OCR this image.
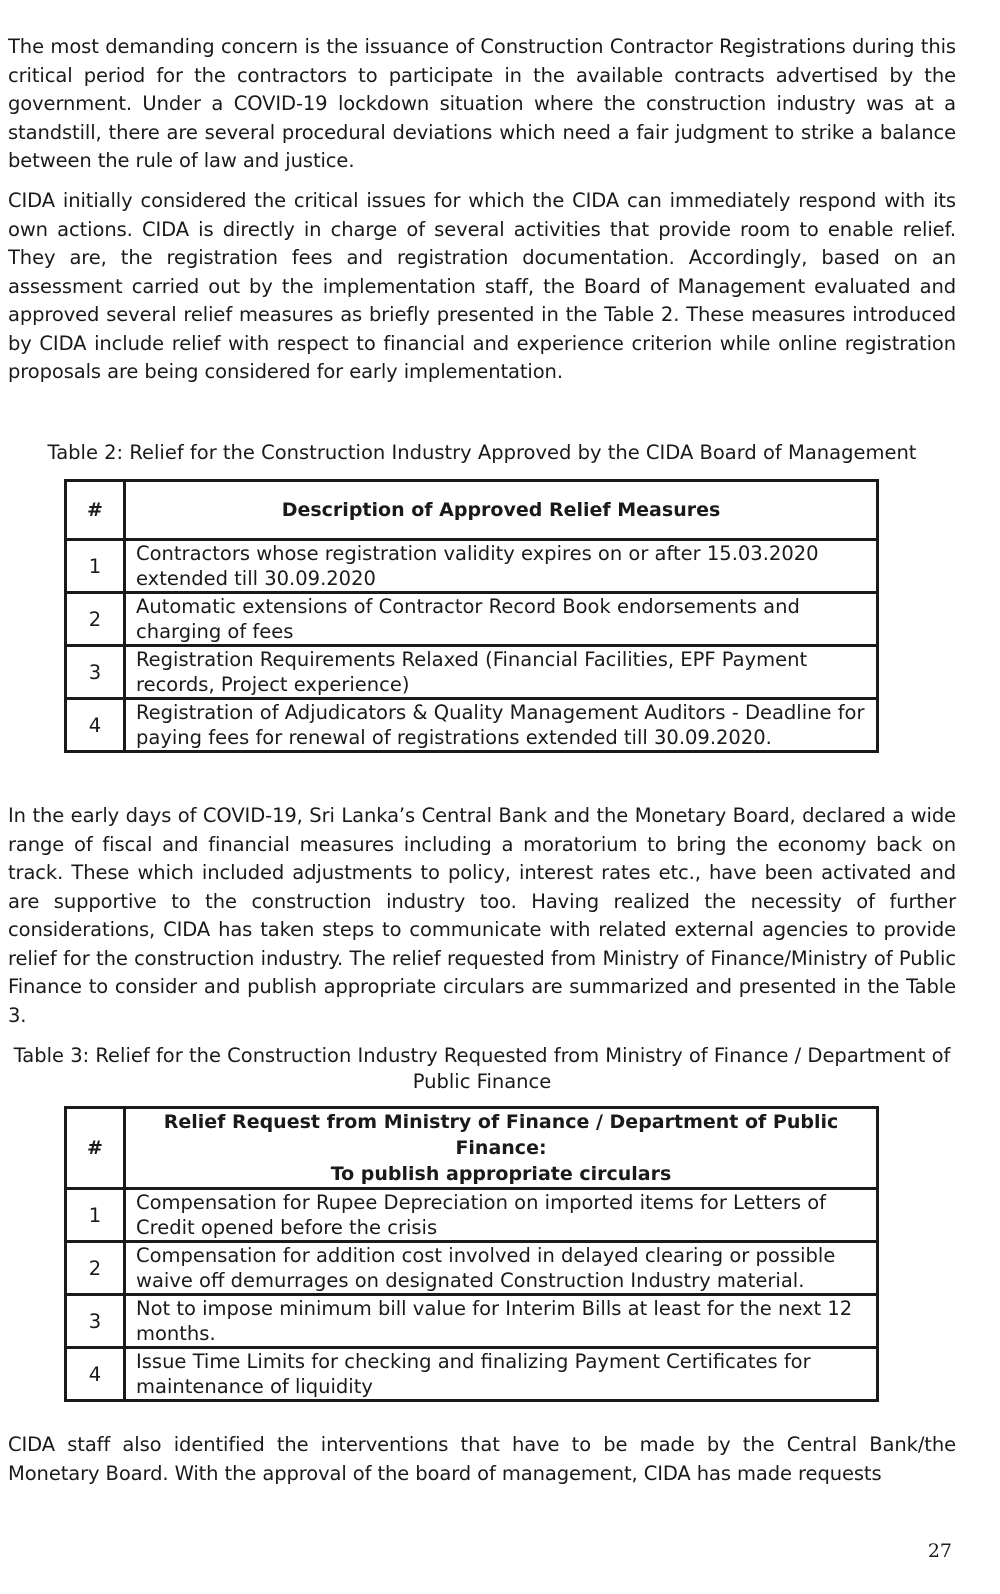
The most demanding concern is the issuance of Construction Contractor Registrations during this critical period for the contractors to participate in the available contracts advertised by the government. Under a COVID-19 lockdown situation where the construction industry was at a standstill, there are several procedural deviations which need a fair judgment to strike a balance between the rule of law and justice.

CIDA initially considered the critical issues for which the CIDA can immediately respond with its own actions. CIDA is directly in charge of several activities that provide room to enable relief. They are, the registration fees and registration documentation. Accordingly, based on an assessment carried out by the implementation staff, the Board of Management evaluated and approved several relief measures as briefly presented in the Table 2. These measures introduced by CIDA include relief with respect to financial and experience criterion while online registration proposals are being considered for early implementation.

Table 2: Relief for the Construction Industry Approved by the CIDA Board of Management

#	Description of Approved Relief Measures
1	Contractors whose registration validity expires on or after 15.03.2020 extended till 30.09.2020
2	Automatic extensions of Contractor Record Book endorsements and charging of fees
3	Registration Requirements Relaxed (Financial Facilities, EPF Payment records, Project experience)
4	Registration of Adjudicators & Quality Management Auditors - Deadline for paying fees for renewal of registrations extended till 30.09.2020.

In the early days of COVID-19, Sri Lanka’s Central Bank and the Monetary Board, declared a wide range of fiscal and financial measures including a moratorium to bring the economy back on track. These which included adjustments to policy, interest rates etc., have been activated and are supportive to the construction industry too. Having realized the necessity of further considerations, CIDA has taken steps to communicate with related external agencies to provide relief for the construction industry. The relief requested from Ministry of Finance/Ministry of Public Finance to consider and publish appropriate circulars are summarized and presented in the Table 3.

Table 3: Relief for the Construction Industry Requested from Ministry of Finance / Department of Public Finance

#	Relief Request from Ministry of Finance / Department of Public Finance:
To publish appropriate circulars
1	Compensation for Rupee Depreciation on imported items for Letters of Credit opened before the crisis
2	Compensation for addition cost involved in delayed clearing or possible waive off demurrages on designated Construction Industry material.
3	Not to impose minimum bill value for Interim Bills at least for the next 12 months.
4	Issue Time Limits for checking and finalizing Payment Certificates for maintenance of liquidity

CIDA staff also identified the interventions that have to be made by the Central Bank/the Monetary Board. With the approval of the board of management, CIDA has made requests

27
